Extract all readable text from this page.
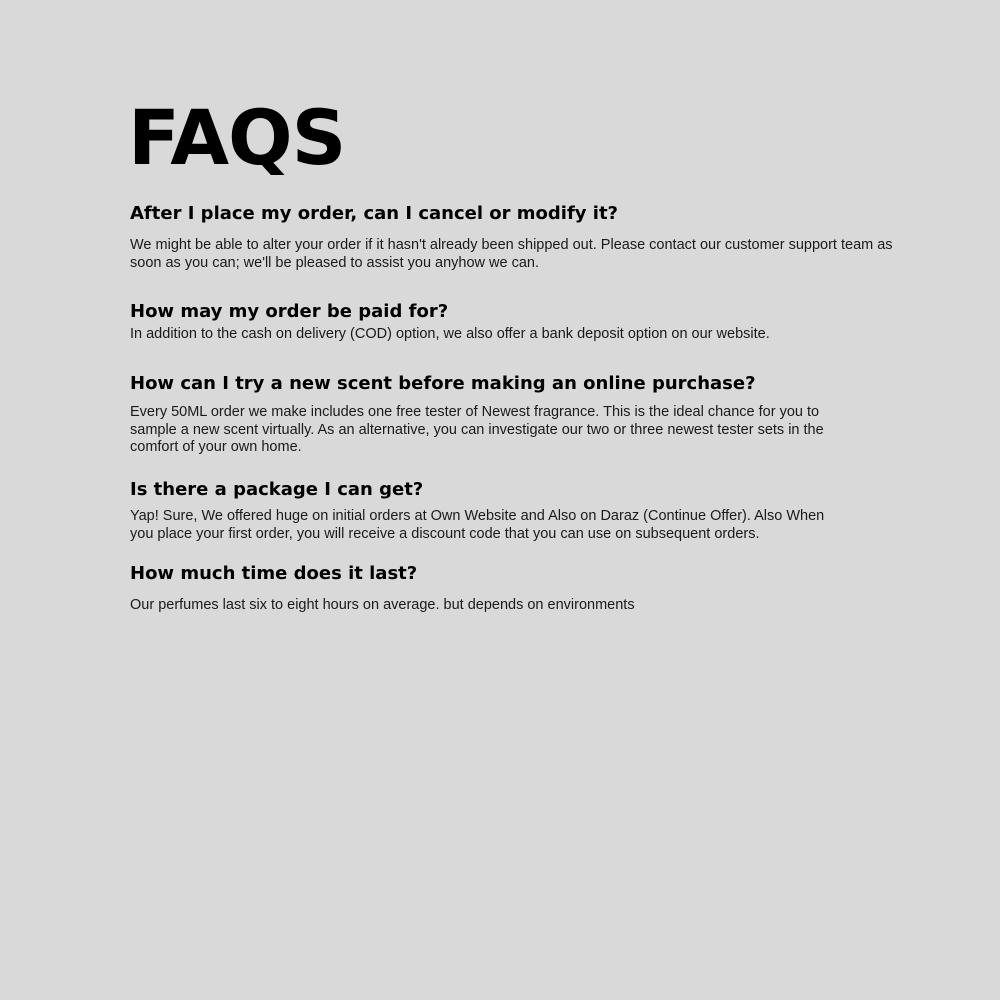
FAQS
After I place my order, can I cancel or modify it?

We might be able to alter your order if it hasn't already been shipped out. Please contact our customer support team as soon as you can; we'll be pleased to assist you anyhow we can.

How may my order be paid for?

In addition to the cash on delivery (COD) option, we also offer a bank deposit option on our website.

How can I try a new scent before making an online purchase?

Every 50ML order we make includes one free tester of Newest fragrance. This is the ideal chance for you to sample a new scent virtually. As an alternative, you can investigate our two or three newest tester sets in the comfort of your own home.

Is there a package I can get?

Yap! Sure, We offered huge on initial orders at Own Website and Also on Daraz (Continue Offer). Also When you place your first order, you will receive a discount code that you can use on subsequent orders.

How much time does it last?

Our perfumes last six to eight hours on average. but depends on environments
